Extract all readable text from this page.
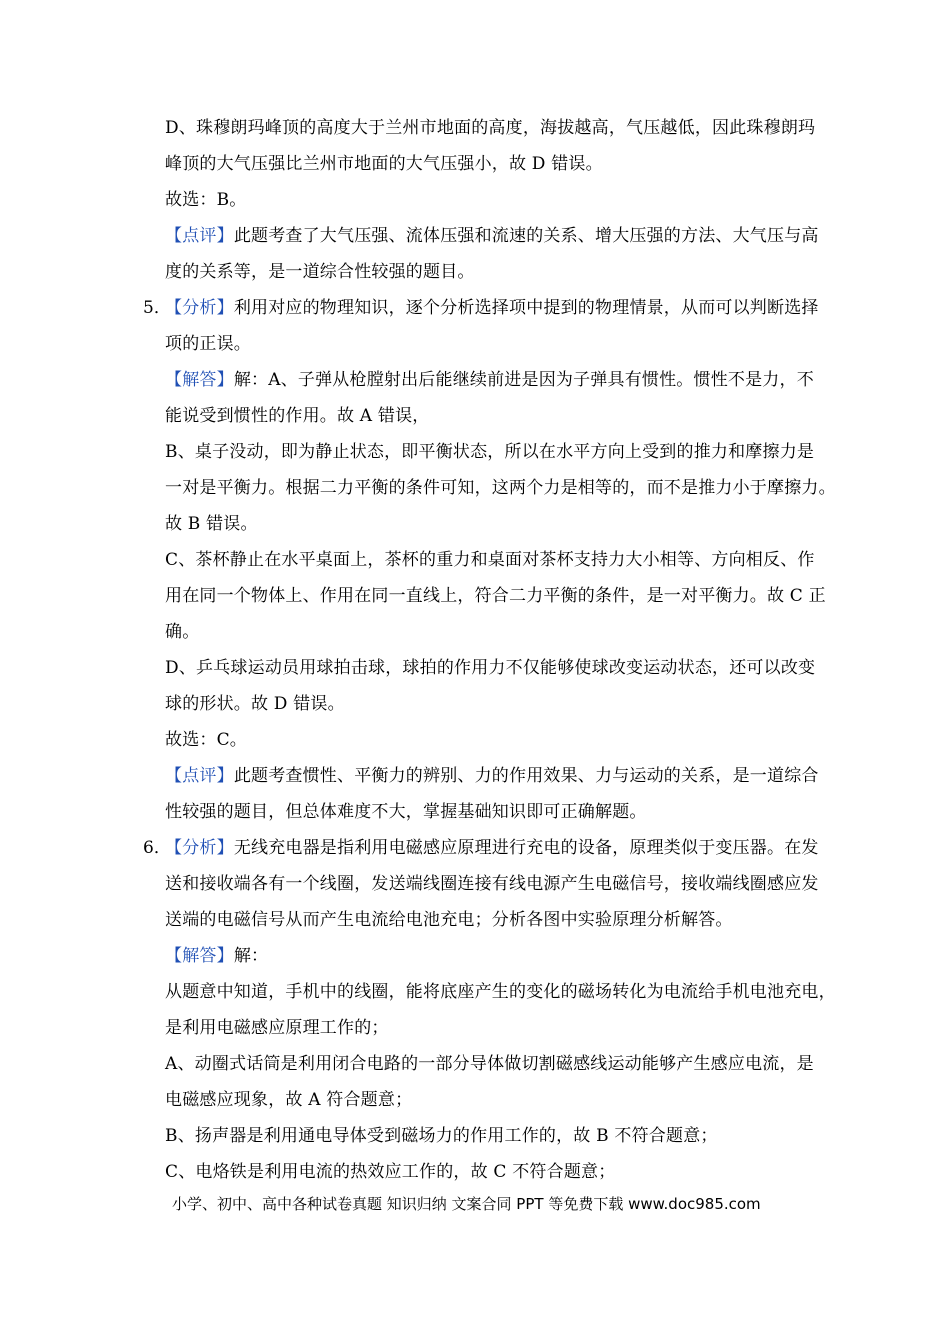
D、珠穆朗玛峰顶的高度大于兰州市地面的高度，海拔越高，气压越低，因此珠穆朗玛
峰顶的大气压强比兰州市地面的大气压强小，故 D 错误。
故选：B。
【点评】此题考查了大气压强、流体压强和流速的关系、增大压强的方法、大气压与高
度的关系等，是一道综合性较强的题目。
5．
【分析】利用对应的物理知识，逐个分析选择项中提到的物理情景，从而可以判断选择
项的正误。
【解答】解：A、子弹从枪膛射出后能继续前进是因为子弹具有惯性。惯性不是力，不
能说受到惯性的作用。故 A 错误，
B、桌子没动，即为静止状态，即平衡状态，所以在水平方向上受到的推力和摩擦力是
一对是平衡力。根据二力平衡的条件可知，这两个力是相等的，而不是推力小于摩擦力。
故 B 错误。
C、茶杯静止在水平桌面上，茶杯的重力和桌面对茶杯支持力大小相等、方向相反、作
用在同一个物体上、作用在同一直线上，符合二力平衡的条件，是一对平衡力。故 C 正
确。
D、乒乓球运动员用球拍击球，球拍的作用力不仅能够使球改变运动状态，还可以改变
球的形状。故 D 错误。
故选：C。
【点评】此题考查惯性、平衡力的辨别、力的作用效果、力与运动的关系，是一道综合
性较强的题目，但总体难度不大，掌握基础知识即可正确解题。
6．
【分析】无线充电器是指利用电磁感应原理进行充电的设备，原理类似于变压器。在发
送和接收端各有一个线圈，发送端线圈连接有线电源产生电磁信号，接收端线圈感应发
送端的电磁信号从而产生电流给电池充电；分析各图中实验原理分析解答。
【解答】解：
从题意中知道，手机中的线圈，能将底座产生的变化的磁场转化为电流给手机电池充电，
是利用电磁感应原理工作的；
A、动圈式话筒是利用闭合电路的一部分导体做切割磁感线运动能够产生感应电流，是
电磁感应现象，故 A 符合题意；
B、扬声器是利用通电导体受到磁场力的作用工作的，故 B 不符合题意；
C、电烙铁是利用电流的热效应工作的，故 C 不符合题意；
小学、初中、高中各种试卷真题 知识归纳 文案合同 PPT 等免费下载 www.doc985.com
